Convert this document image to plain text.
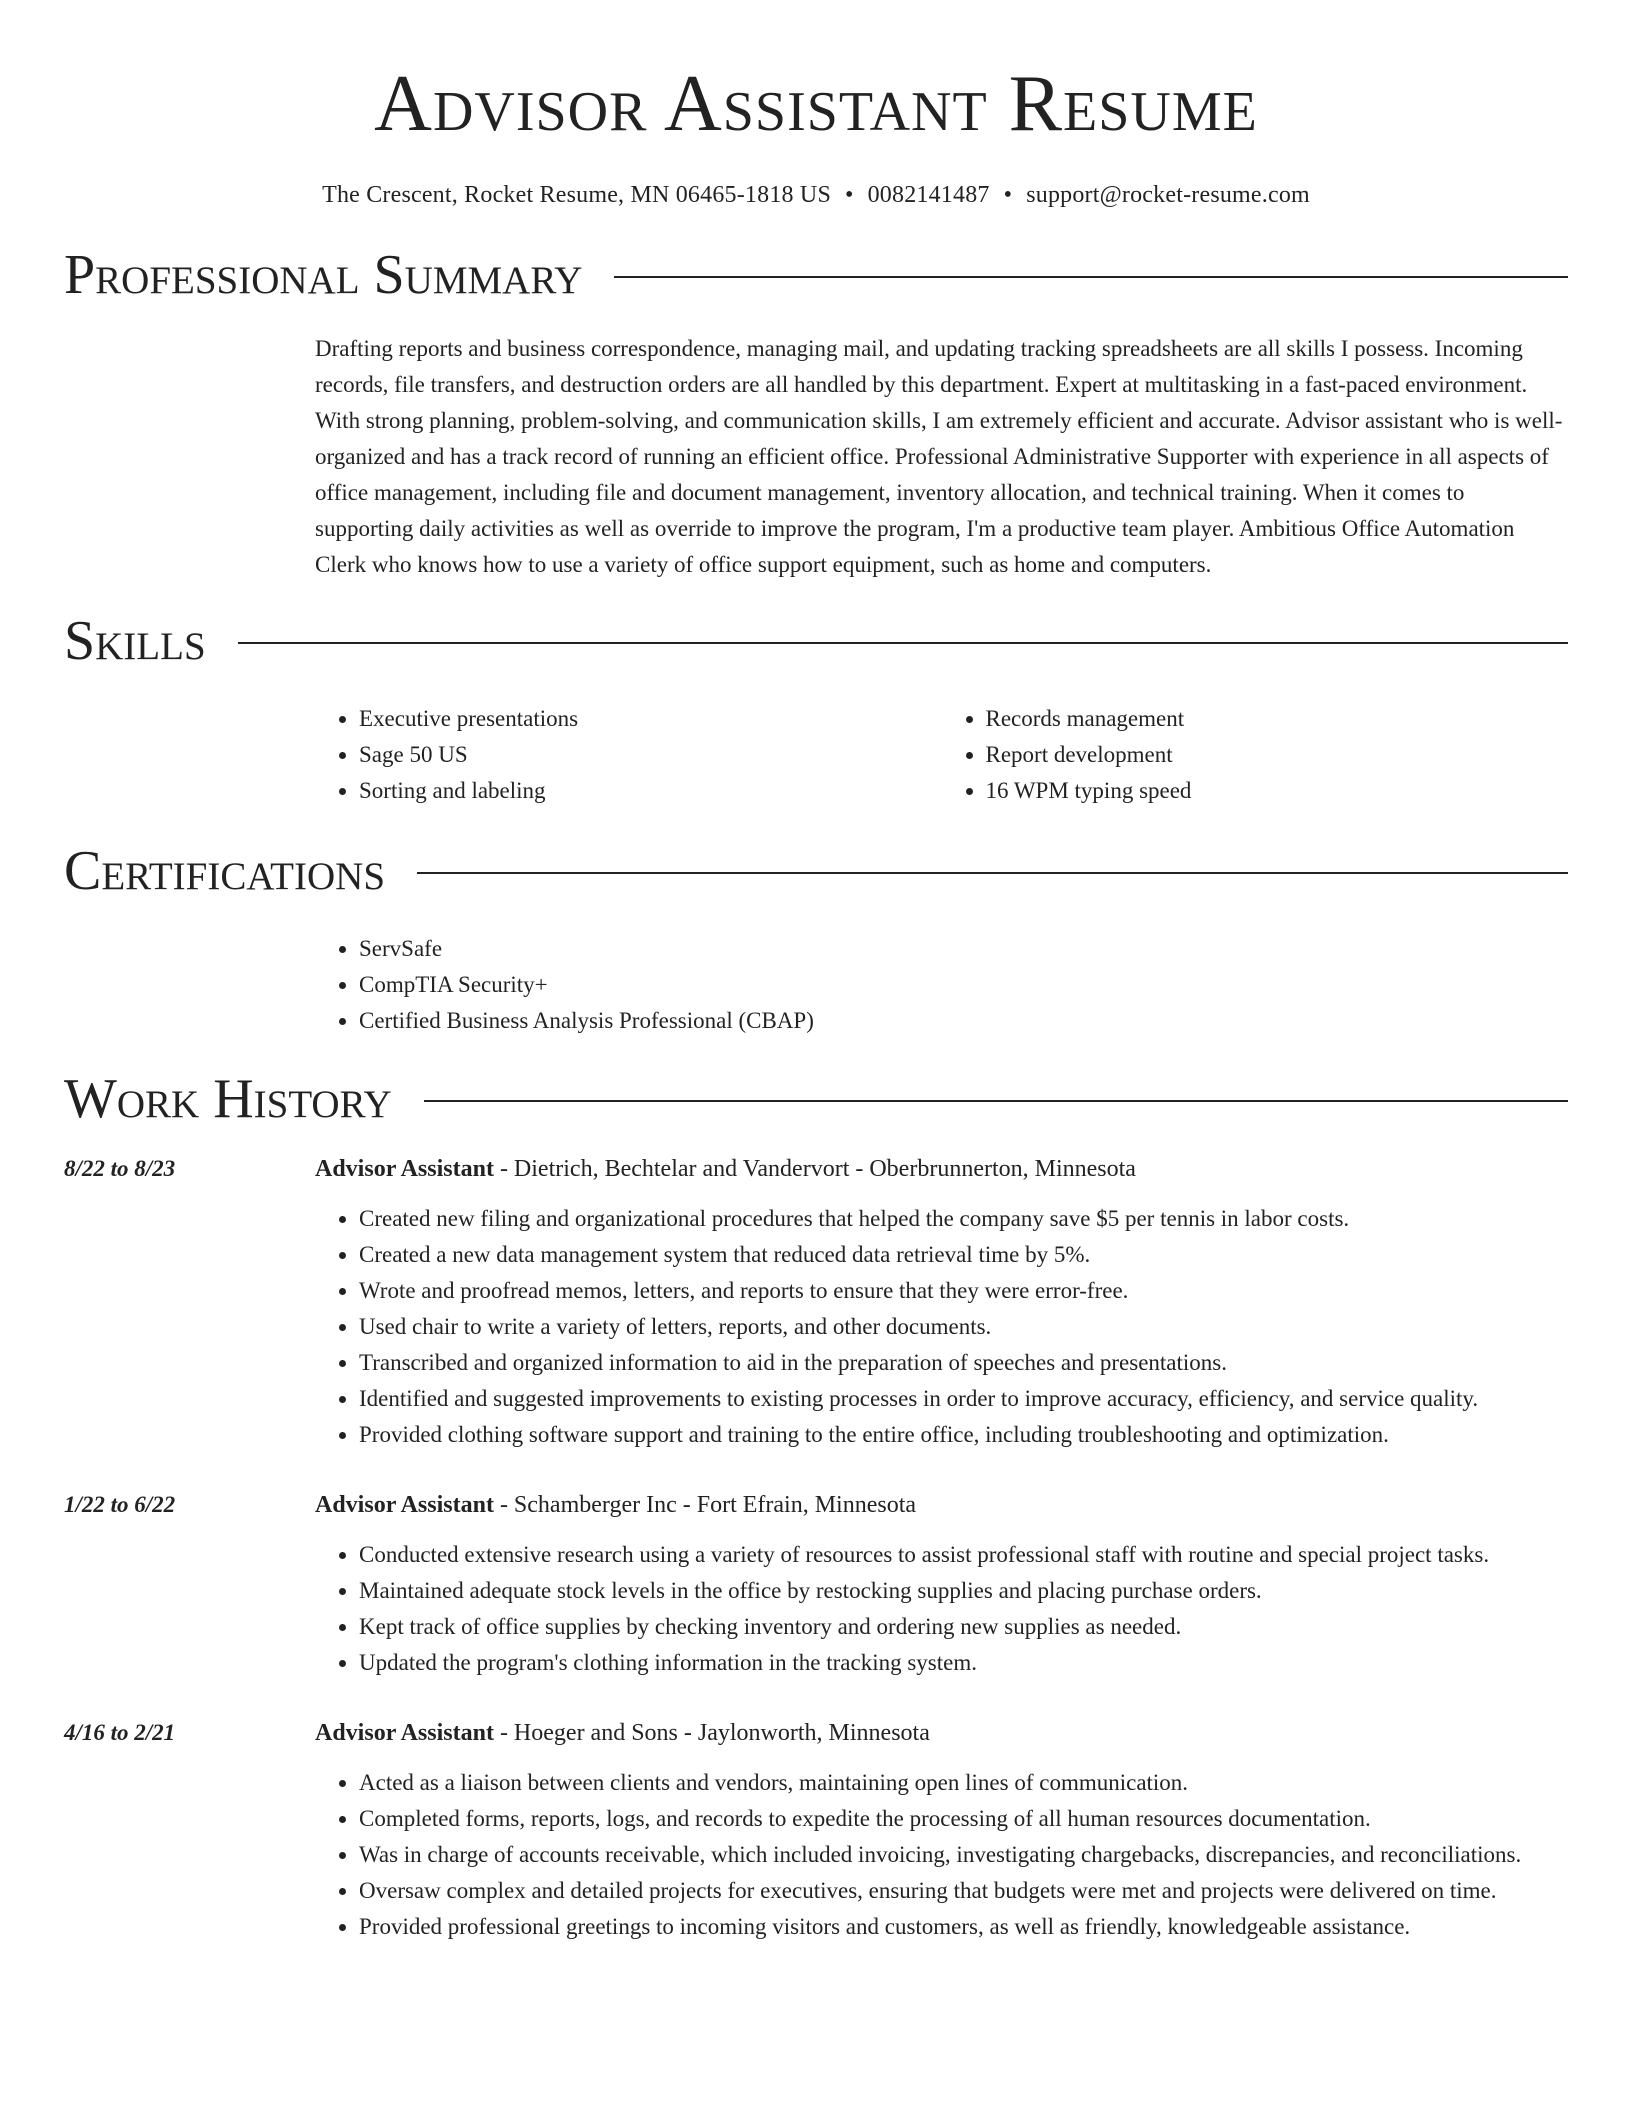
Advisor Assistant Resume
The Crescent, Rocket Resume, MN 06465-1818 US • 0082141487 • support@rocket-resume.com
Professional Summary
Drafting reports and business correspondence, managing mail, and updating tracking spreadsheets are all skills I possess. Incoming records, file transfers, and destruction orders are all handled by this department. Expert at multitasking in a fast-paced environment. With strong planning, problem-solving, and communication skills, I am extremely efficient and accurate. Advisor assistant who is well-organized and has a track record of running an efficient office. Professional Administrative Supporter with experience in all aspects of office management, including file and document management, inventory allocation, and technical training. When it comes to supporting daily activities as well as override to improve the program, I'm a productive team player. Ambitious Office Automation Clerk who knows how to use a variety of office support equipment, such as home and computers.
Skills
• Executive presentations
• Sage 50 US
• Sorting and labeling
• Records management
• Report development
• 16 WPM typing speed
Certifications
• ServSafe
• CompTIA Security+
• Certified Business Analysis Professional (CBAP)
Work History
8/22 to 8/23	Advisor Assistant - Dietrich, Bechtelar and Vandervort - Oberbrunnerton, Minnesota
• Created new filing and organizational procedures that helped the company save $5 per tennis in labor costs.
• Created a new data management system that reduced data retrieval time by 5%.
• Wrote and proofread memos, letters, and reports to ensure that they were error-free.
• Used chair to write a variety of letters, reports, and other documents.
• Transcribed and organized information to aid in the preparation of speeches and presentations.
• Identified and suggested improvements to existing processes in order to improve accuracy, efficiency, and service quality.
• Provided clothing software support and training to the entire office, including troubleshooting and optimization.
1/22 to 6/22	Advisor Assistant - Schamberger Inc - Fort Efrain, Minnesota
• Conducted extensive research using a variety of resources to assist professional staff with routine and special project tasks.
• Maintained adequate stock levels in the office by restocking supplies and placing purchase orders.
• Kept track of office supplies by checking inventory and ordering new supplies as needed.
• Updated the program's clothing information in the tracking system.
4/16 to 2/21	Advisor Assistant - Hoeger and Sons - Jaylonworth, Minnesota
• Acted as a liaison between clients and vendors, maintaining open lines of communication.
• Completed forms, reports, logs, and records to expedite the processing of all human resources documentation.
• Was in charge of accounts receivable, which included invoicing, investigating chargebacks, discrepancies, and reconciliations.
• Oversaw complex and detailed projects for executives, ensuring that budgets were met and projects were delivered on time.
• Provided professional greetings to incoming visitors and customers, as well as friendly, knowledgeable assistance.
